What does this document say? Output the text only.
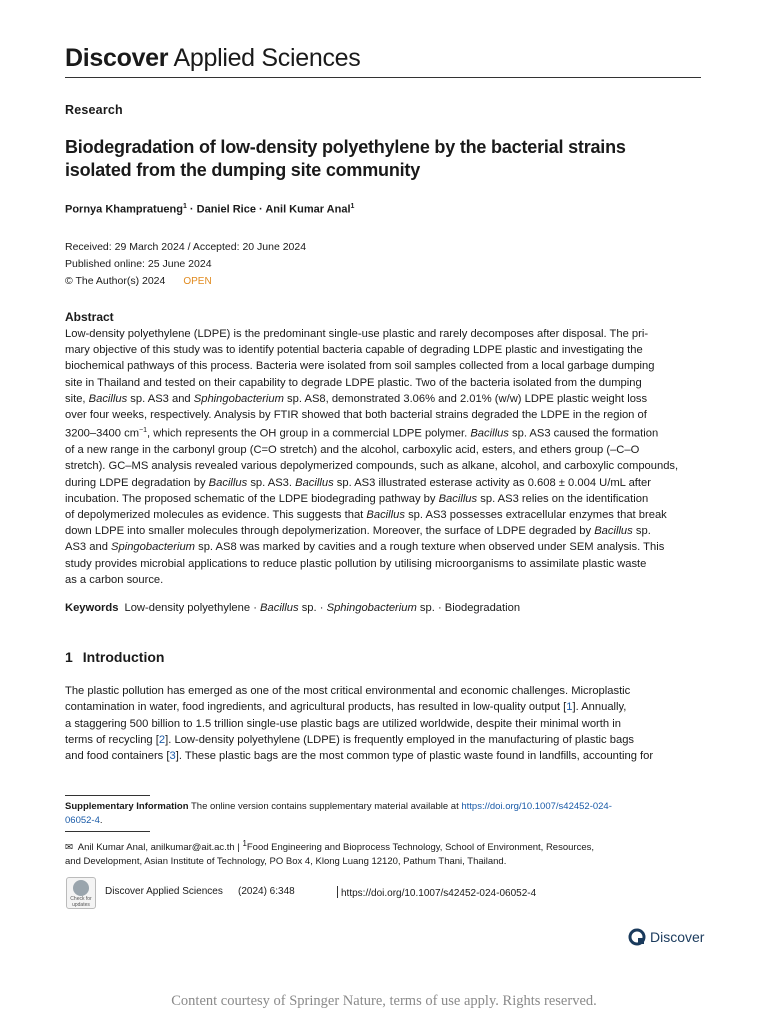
Discover Applied Sciences
Research
Biodegradation of low-density polyethylene by the bacterial strains
isolated from the dumping site community
Pornya Khampratueng$^1$ · Daniel Rice · Anil Kumar Anal$^1$
Received: 29 March 2024 / Accepted: 20 June 2024
Published online: 25 June 2024
© The Author(s) 2024 OPEN
Abstract
Low-density polyethylene (LDPE) is the predominant single-use plastic and rarely decomposes after disposal. The pri-
mary objective of this study was to identify potential bacteria capable of degrading LDPE plastic and investigating the
biochemical pathways of this process. Bacteria were isolated from soil samples collected from a local garbage dumping
site in Thailand and tested on their capability to degrade LDPE plastic. Two of the bacteria isolated from the dumping
site, Bacillus sp. AS3 and Sphingobacterium sp. AS8, demonstrated 3.06% and 2.01% (w/w) LDPE plastic weight loss
over four weeks, respectively. Analysis by FTIR showed that both bacterial strains degraded the LDPE in the region of
3200–3400 $cm^{-1}$, which represents the OH group in a commercial LDPE polymer. Bacillus sp. AS3 caused the formation
of a new range in the carbonyl group (C=O stretch) and the alcohol, carboxylic acid, esters, and ethers group (–C–O
stretch). GC–MS analysis revealed various depolymerized compounds, such as alkane, alcohol, and carboxylic compounds,
during LDPE degradation by Bacillus sp. AS3. Bacillus sp. AS3 illustrated esterase activity as 0.608 ± 0.004 U/mL after
incubation. The proposed schematic of the LDPE biodegrading pathway by Bacillus sp. AS3 relies on the identification
of depolymerized molecules as evidence. This suggests that Bacillus sp. AS3 possesses extracellular enzymes that break
down LDPE into smaller molecules through depolymerization. Moreover, the surface of LDPE degraded by Bacillus sp.
AS3 and Spingobacterium sp. AS8 was marked by cavities and a rough texture when observed under SEM analysis. This
study provides microbial applications to reduce plastic pollution by utilising microorganisms to assimilate plastic waste
as a carbon source.
Keywords Low-density polyethylene · Bacillus sp. · Sphingobacterium sp. · Biodegradation
1 Introduction
The plastic pollution has emerged as one of the most critical environmental and economic challenges. Microplastic
contamination in water, food ingredients, and agricultural products, has resulted in low-quality output [1]. Annually,
a staggering 500 billion to 1.5 trillion single-use plastic bags are utilized worldwide, despite their minimal worth in
terms of recycling [2]. Low-density polyethylene (LDPE) is frequently employed in the manufacturing of plastic bags
and food containers [3]. These plastic bags are the most common type of plastic waste found in landfills, accounting for
Supplementary Information The online version contains supplementary material available at https://doi.org/10.1007/s42452-024-
06052-4.
✉ Anil Kumar Anal, anilkumar@ait.ac.th | $^1$Food Engineering and Bioprocess Technology, School of Environment, Resources,
and Development, Asian Institute of Technology, PO Box 4, Klong Luang 12120, Pathum Thani, Thailand.
Check for updates
Discover Applied Sciences (2024) 6:348	https://doi.org/10.1007/s42452-024-06052-4
Discover
Content courtesy of Springer Nature, terms of use apply. Rights reserved.
